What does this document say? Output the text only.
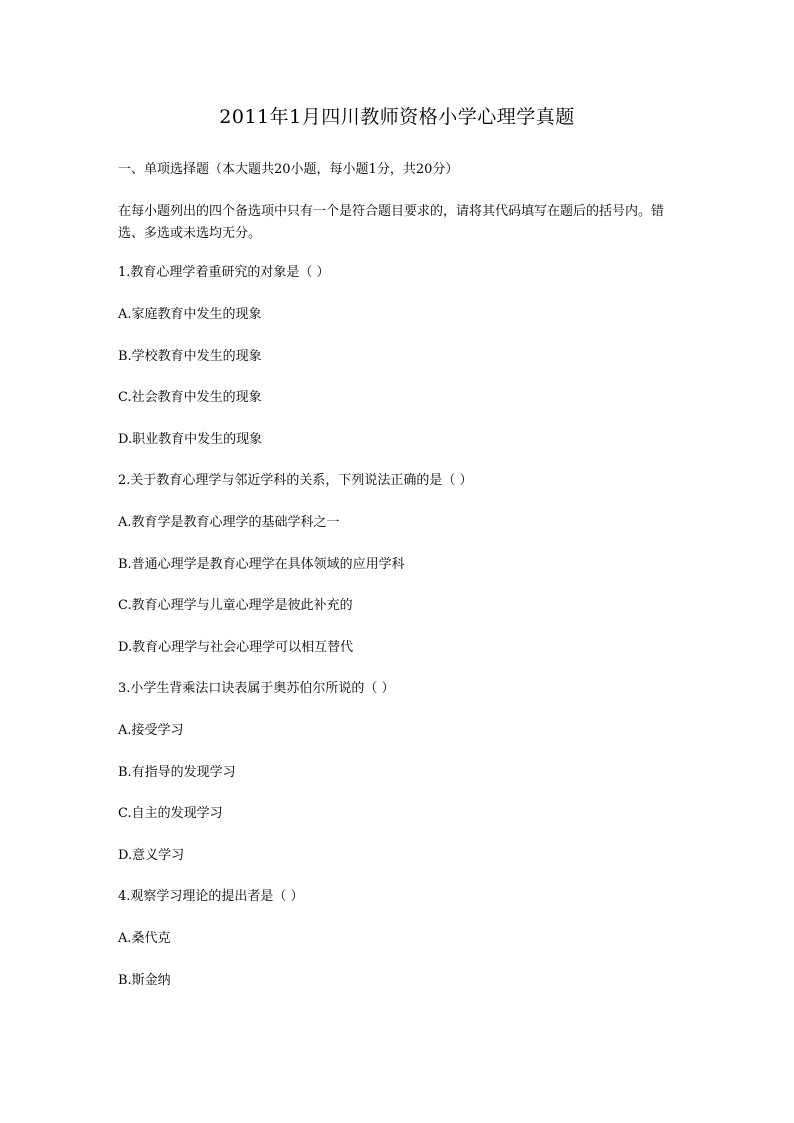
2011年1月四川教师资格小学心理学真题
一、单项选择题（本大题共20小题，每小题1分，共20分）
在每小题列出的四个备选项中只有一个是符合题目要求的，请将其代码填写在题后的括号内。错选、多选或未选均无分。
1.教育心理学着重研究的对象是（ ）
A.家庭教育中发生的现象
B.学校教育中发生的现象
C.社会教育中发生的现象
D.职业教育中发生的现象
2.关于教育心理学与邻近学科的关系，下列说法正确的是（ ）
A.教育学是教育心理学的基础学科之一
B.普通心理学是教育心理学在具体领域的应用学科
C.教育心理学与儿童心理学是彼此补充的
D.教育心理学与社会心理学可以相互替代
3.小学生背乘法口诀表属于奥苏伯尔所说的（ ）
A.接受学习
B.有指导的发现学习
C.自主的发现学习
D.意义学习
4.观察学习理论的提出者是（ ）
A.桑代克
B.斯金纳
